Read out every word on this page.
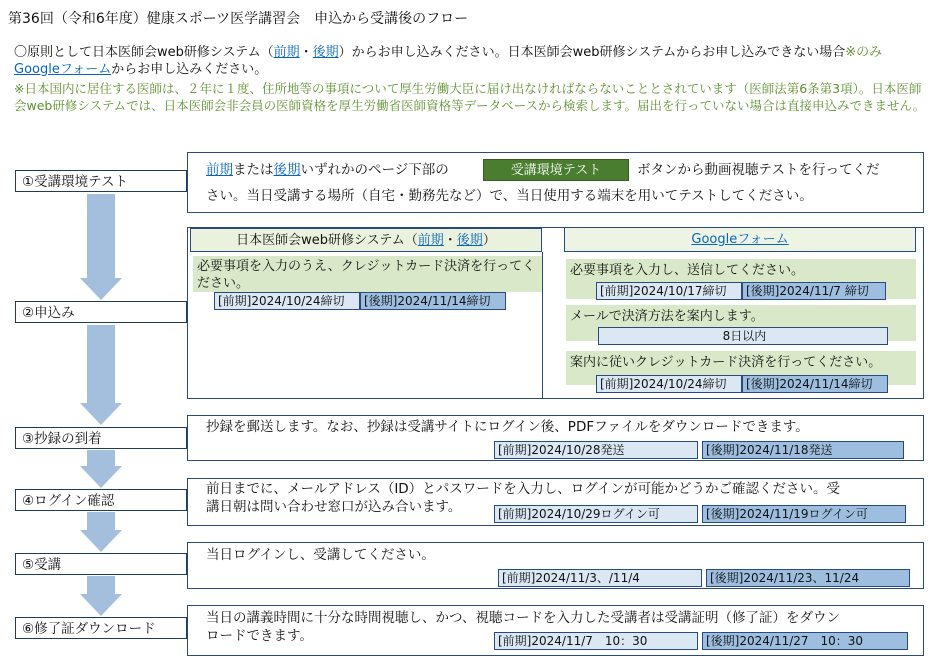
第36回（令和6年度）健康スポーツ医学講習会　申込から受講後のフロー
〇原則として日本医師会web研修システム（前期・後期）からお申し込みください。日本医師会web研修システムからお申し込みできない場合※のみGoogleフォームからお申し込みください。
※日本国内に居住する医師は、２年に１度、住所地等の事項について厚生労働大臣に届け出なければならないこととされています（医師法第6条第3項）。日本医師会web研修システムでは、日本医師会非会員の医師資格を厚生労働省医師資格等データベースから検索します。届出を行っていない場合は直接申込みできません。
①受講環境テスト
②申込み
③抄録の到着
④ログイン確認
⑤受講
⑥修了証ダウンロード
前期または後期いずれかのページ下部の	受講環境テスト	ボタンから動画視聴テストを行ってくだ
さい。当日受講する場所（自宅・勤務先など）で、当日使用する端末を用いてテストしてください。
日本医師会web研修システム（前期・後期）
必要事項を入力のうえ、クレジットカード決済を行ってください。
[前期]2024/10/24締切	[後期]2024/11/14締切
Googleフォーム
必要事項を入力し、送信してください。
[前期]2024/10/17締切	[後期]2024/11/7 締切
メールで決済方法を案内します。
8日以内
案内に従いクレジットカード決済を行ってください。
[前期]2024/10/24締切	[後期]2024/11/14締切
抄録を郵送します。なお、抄録は受講サイトにログイン後、PDFファイルをダウンロードできます。
[前期]2024/10/28発送	[後期]2024/11/18発送
前日までに、メールアドレス（ID）とパスワードを入力し、ログインが可能かどうかご確認ください。受
講日朝は問い合わせ窓口が込み合います。	[前期]2024/10/29ログイン可	[後期]2024/11/19ログイン可
当日ログインし、受講してください。
[前期]2024/11/3、/11/4	[後期]2024/11/23、11/24
当日の講義時間に十分な時間視聴し、かつ、視聴コードを入力した受講者は受講証明（修了証）をダウン
ロードできます。	[前期]2024/11/7　10：30	[後期]2024/11/27　10：30
